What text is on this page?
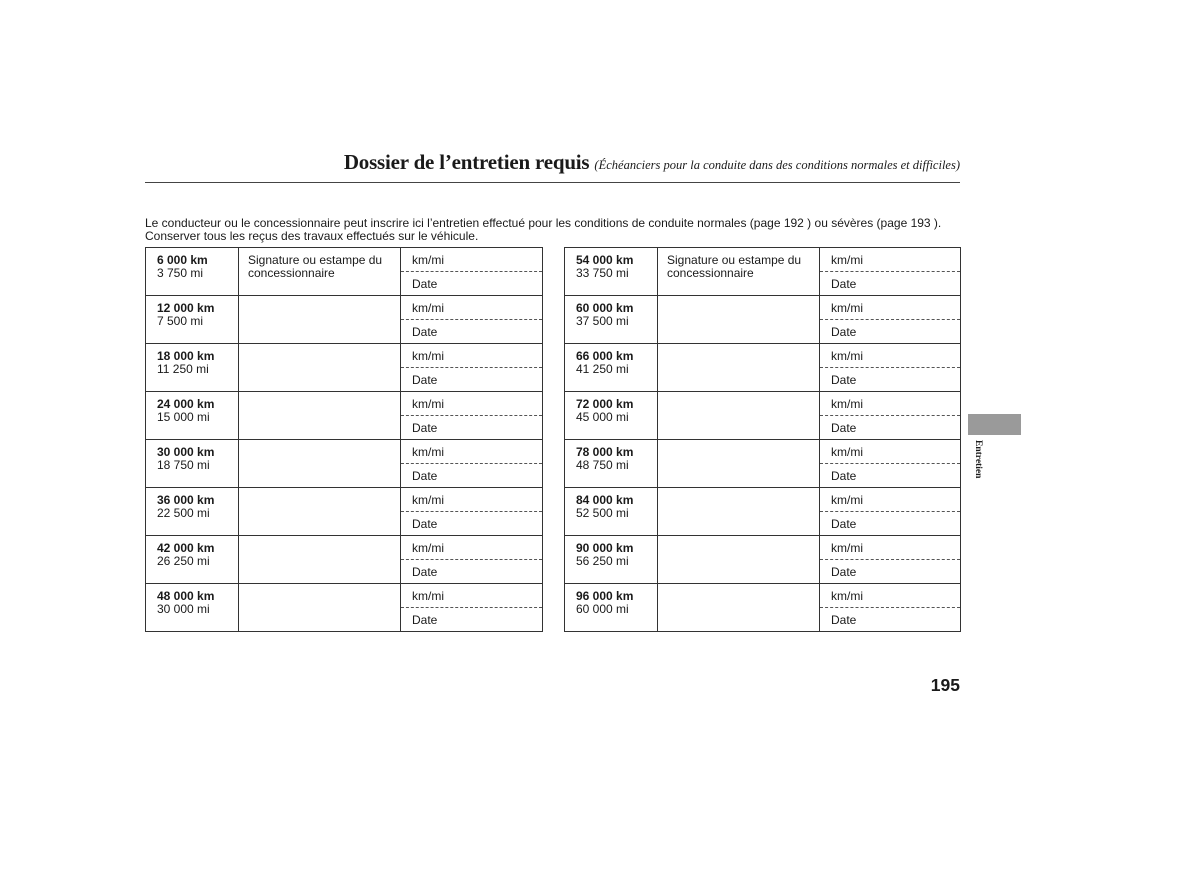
Dossier de l’entretien requis (Échéanciers pour la conduite dans des conditions normales et difficiles)
Le conducteur ou le concessionnaire peut inscrire ici l’entretien effectué pour les conditions de conduite normales (page 192 ) ou sévères (page 193 ).
Conserver tous les reçus des travaux effectués sur le véhicule.
6 000 km
3 750 mi	Signature ou estampe du concessionnaire	km/mi
		Date

12 000 km
7 500 mi		km/mi
		Date

18 000 km
11 250 mi		km/mi
		Date

24 000 km
15 000 mi		km/mi
		Date

30 000 km
18 750 mi		km/mi
		Date

36 000 km
22 500 mi		km/mi
		Date

42 000 km
26 250 mi		km/mi
		Date

48 000 km
30 000 mi		km/mi
		Date
54 000 km
33 750 mi	Signature ou estampe du concessionnaire	km/mi
		Date

60 000 km
37 500 mi		km/mi
		Date

66 000 km
41 250 mi		km/mi
		Date

72 000 km
45 000 mi		km/mi
		Date

78 000 km
48 750 mi		km/mi
		Date

84 000 km
52 500 mi		km/mi
		Date

90 000 km
56 250 mi		km/mi
		Date

96 000 km
60 000 mi		km/mi
		Date
Entretien
195
